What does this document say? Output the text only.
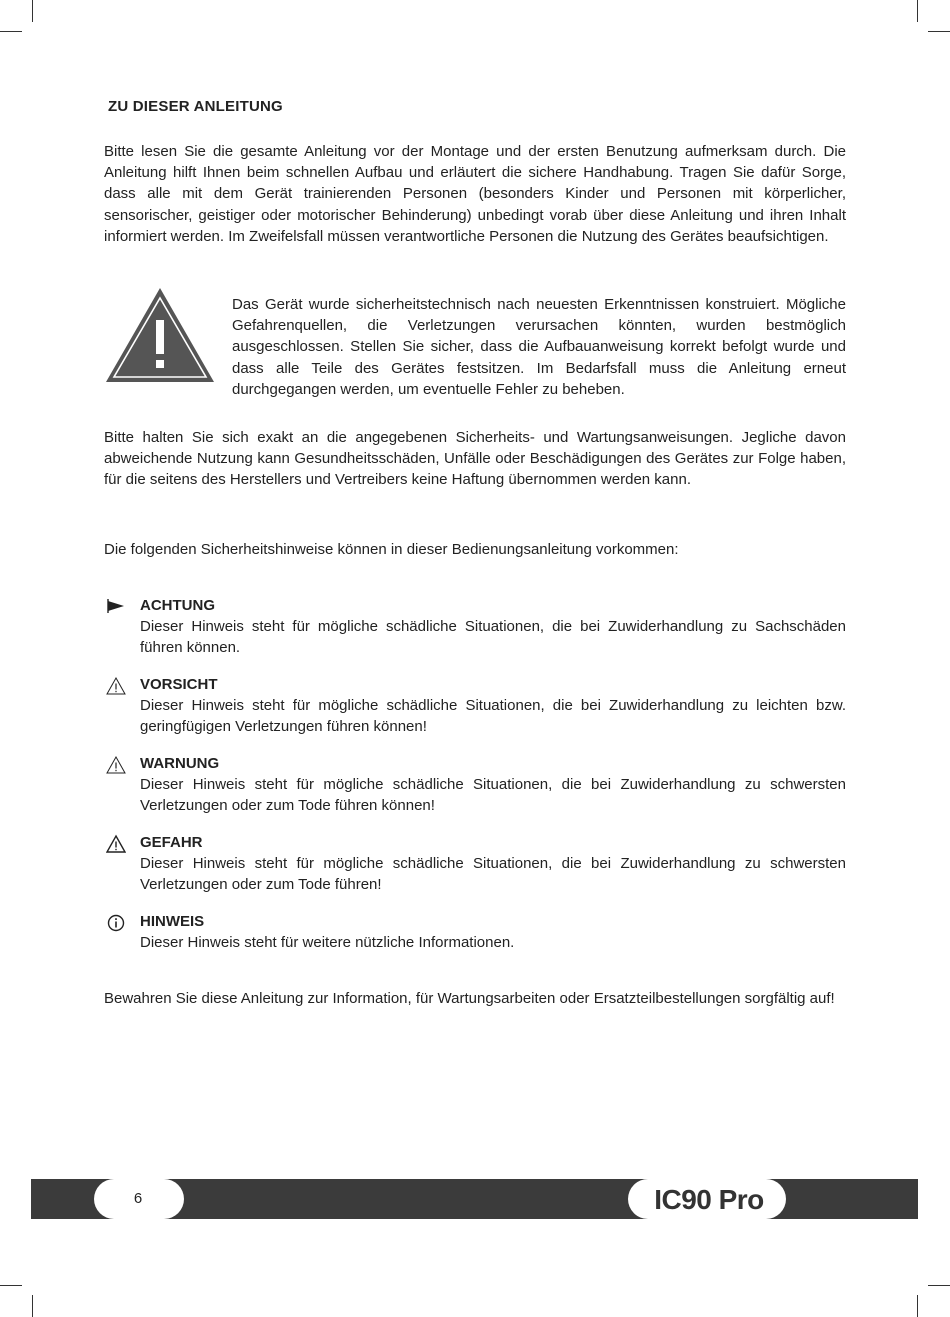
ZU DIESER ANLEITUNG

Bitte lesen Sie die gesamte Anleitung vor der Montage und der ersten Benutzung aufmerksam durch. Die Anleitung hilft Ihnen beim schnellen Aufbau und erläutert die sichere Handhabung. Tragen Sie dafür Sorge, dass alle mit dem Gerät trainierenden Personen (besonders Kinder und Personen mit körperlicher, sensorischer, geistiger oder motorischer Behinderung) unbedingt vorab über diese Anleitung und ihren Inhalt informiert werden. Im Zweifelsfall müssen verantwortliche Personen die Nutzung des Gerätes beaufsichtigen.

Das Gerät wurde sicherheitstechnisch nach neuesten Erkenntnissen konstruiert. Mögliche Gefahrenquellen, die Verletzungen verursachen könnten, wurden bestmöglich ausgeschlossen. Stellen Sie sicher, dass die Aufbauanweisung korrekt befolgt wurde und dass alle Teile des Gerätes festsitzen. Im Bedarfsfall muss die Anleitung erneut durchgegangen werden, um eventuelle Fehler zu beheben.

Bitte halten Sie sich exakt an die angegebenen Sicherheits- und Wartungsanweisungen. Jegliche davon abweichende Nutzung kann Gesundheitsschäden, Unfälle oder Beschädigungen des Gerätes zur Folge haben, für die seitens des Herstellers und Vertreibers keine Haftung übernommen werden kann.

Die folgenden Sicherheitshinweise können in dieser Bedienungsanleitung vorkommen:

ACHTUNG

Dieser Hinweis steht für mögliche schädliche Situationen, die bei Zuwiderhandlung zu Sachschäden führen können.

VORSICHT

Dieser Hinweis steht für mögliche schädliche Situationen, die bei Zuwiderhandlung zu leichten bzw. geringfügigen Verletzungen führen können!

WARNUNG

Dieser Hinweis steht für mögliche schädliche Situationen, die bei Zuwiderhandlung zu schwersten Verletzungen oder zum Tode führen können!

GEFAHR

Dieser Hinweis steht für mögliche schädliche Situationen, die bei Zuwiderhandlung zu schwersten Verletzungen oder zum Tode führen!

HINWEIS

Dieser Hinweis steht für weitere nützliche Informationen.

Bewahren Sie diese Anleitung zur Information, für Wartungsarbeiten oder Ersatzteilbestellungen sorgfältig auf!

6	IC90 Pro
